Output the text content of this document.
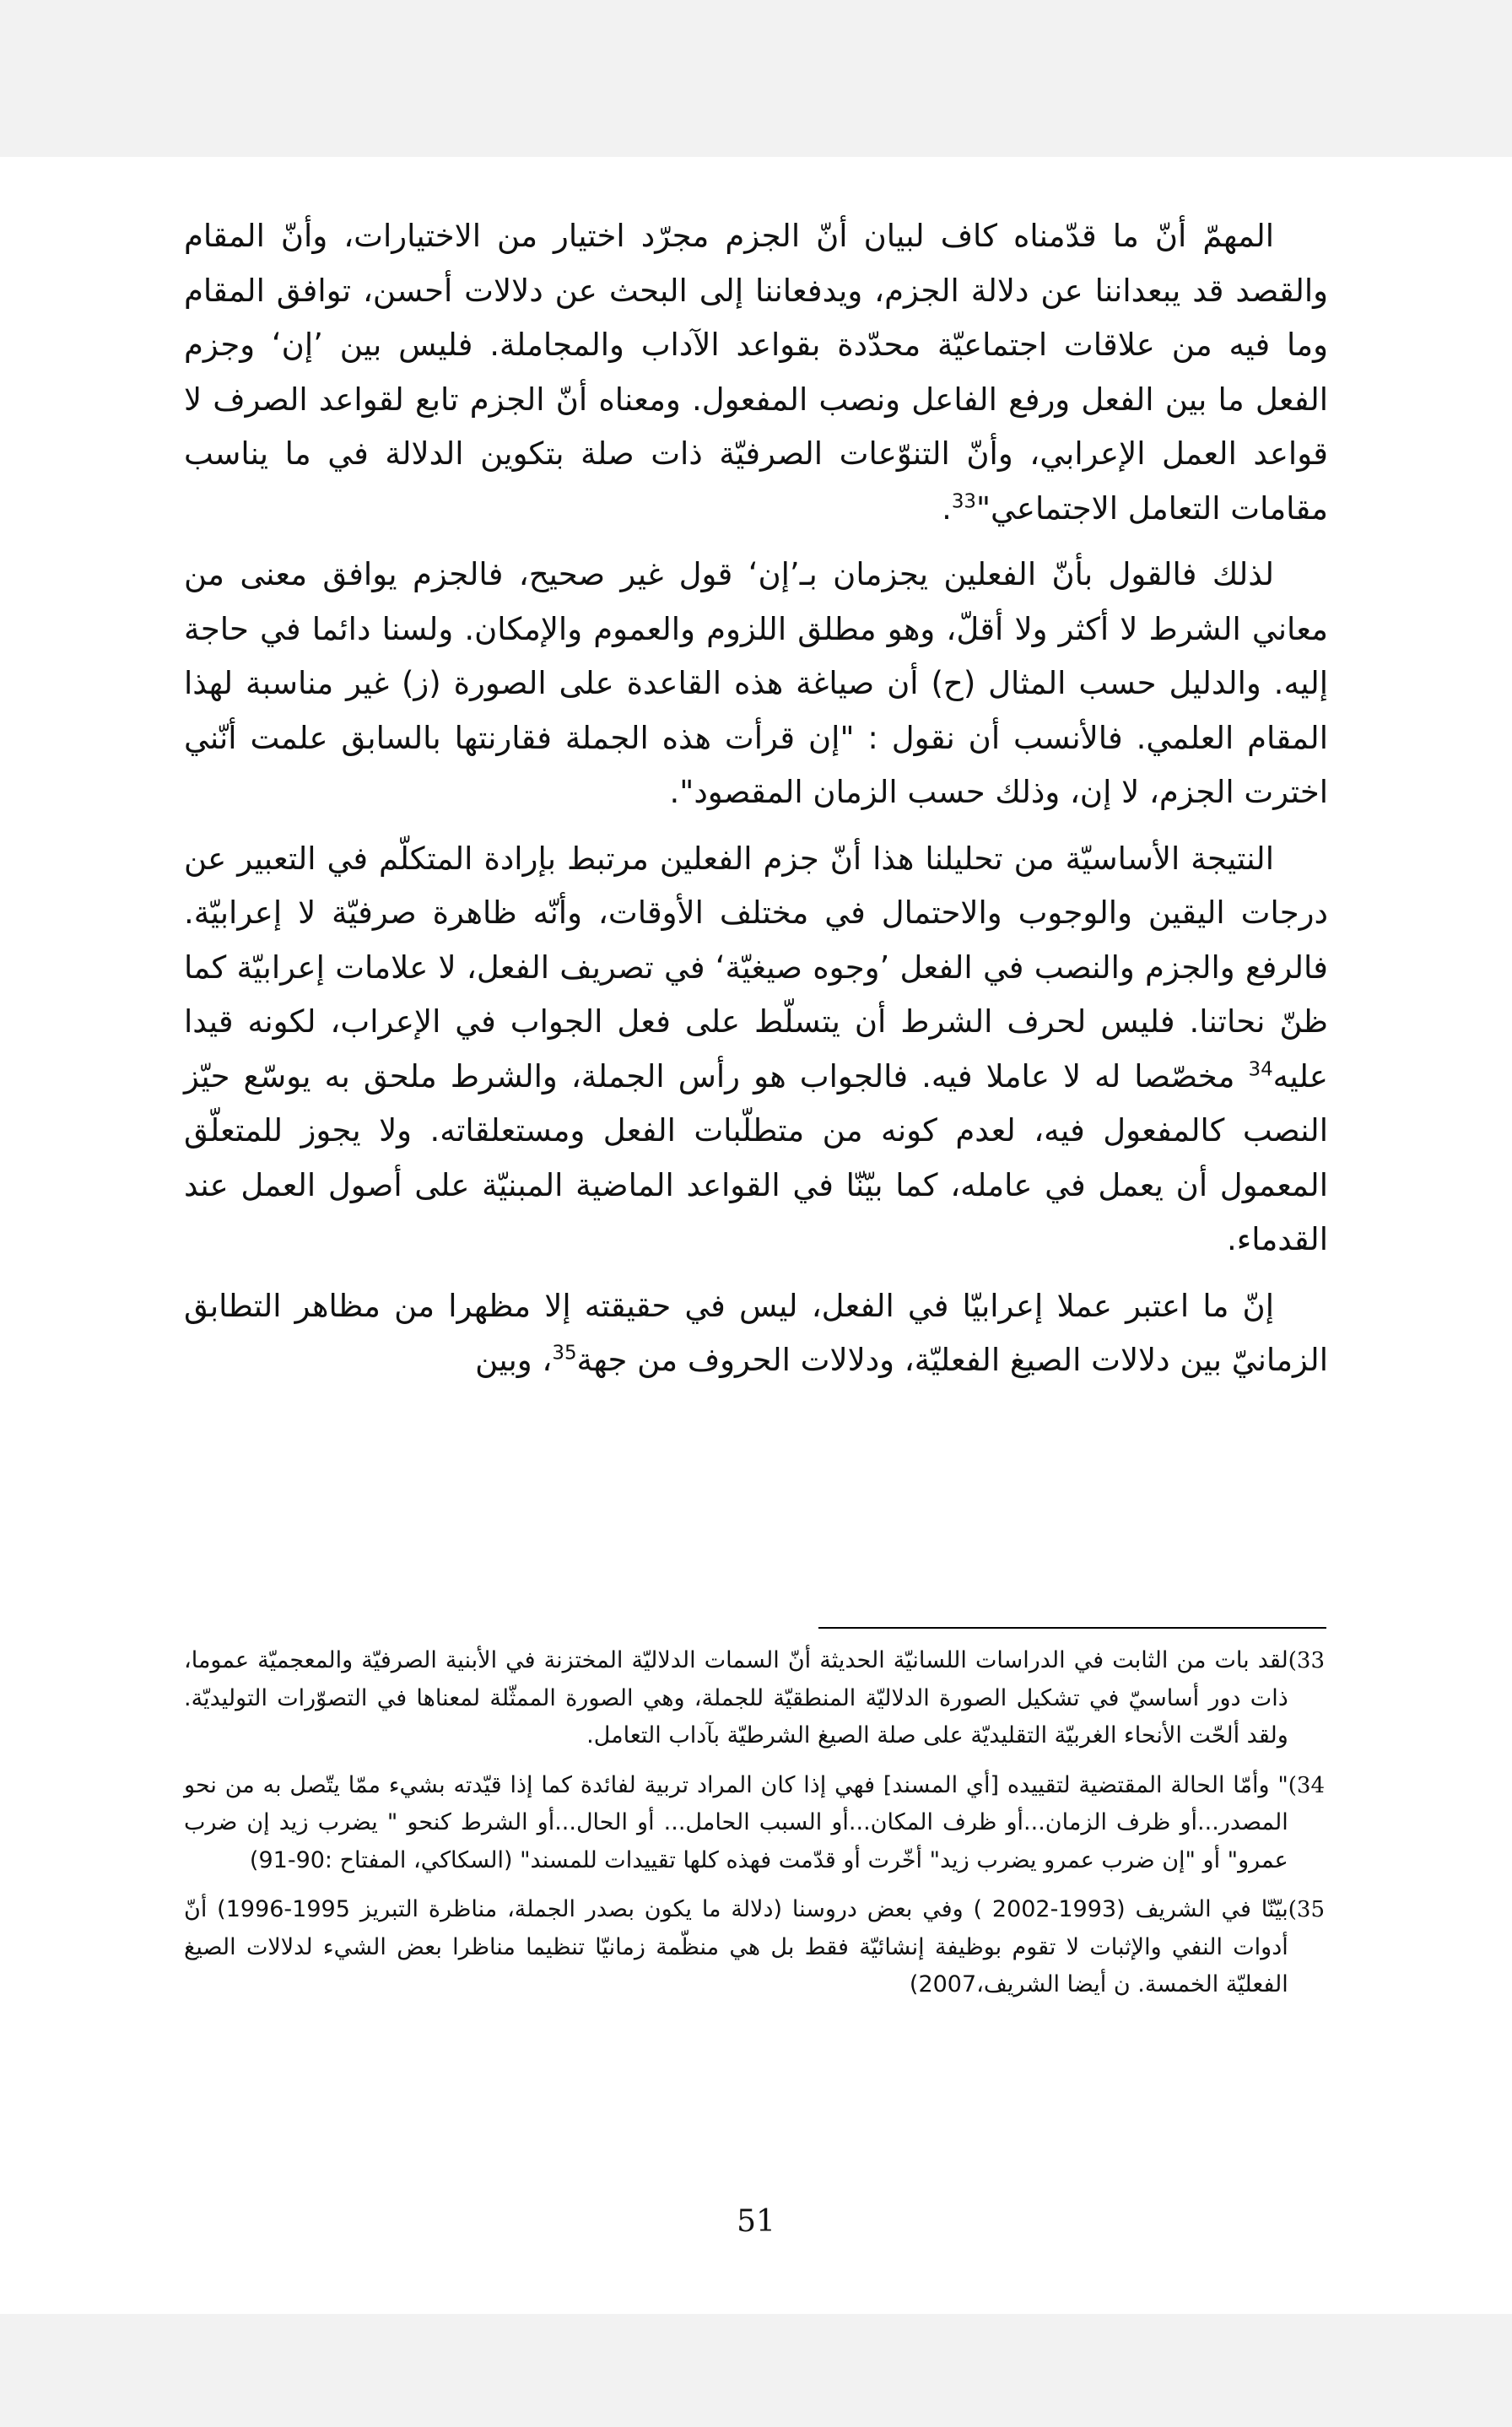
المهمّ أنّ ما قدّمناه كاف لبيان أنّ الجزم مجرّد اختيار من الاختيارات، وأنّ المقام والقصد قد يبعداننا عن دلالة الجزم، ويدفعاننا إلى البحث عن دلالات أحسن، توافق المقام وما فيه من علاقات اجتماعيّة محدّدة بقواعد الآداب والمجاملة. فليس بين ’إن‘ وجزم الفعل ما بين الفعل ورفع الفاعل ونصب المفعول. ومعناه أنّ الجزم تابع لقواعد الصرف لا قواعد العمل الإعرابي، وأنّ التنوّعات الصرفيّة ذات صلة بتكوين الدلالة في ما يناسب مقامات التعامل الاجتماعي"$^{33}$.

لذلك فالقول بأنّ الفعلين يجزمان بـ’إن‘ قول غير صحيح، فالجزم يوافق معنى من معاني الشرط لا أكثر ولا أقلّ، وهو مطلق اللزوم والعموم والإمكان. ولسنا دائما في حاجة إليه. والدليل حسب المثال (ح) أن صياغة هذه القاعدة على الصورة (ز) غير مناسبة لهذا المقام العلمي. فالأنسب أن نقول : "إن قرأت هذه الجملة فقارنتها بالسابق علمت أنّني اخترت الجزم، لا إن، وذلك حسب الزمان المقصود".

النتيجة الأساسيّة من تحليلنا هذا أنّ جزم الفعلين مرتبط بإرادة المتكلّم في التعبير عن درجات اليقين والوجوب والاحتمال في مختلف الأوقات، وأنّه ظاهرة صرفيّة لا إعرابيّة. فالرفع والجزم والنصب في الفعل ’وجوه صيغيّة‘ في تصريف الفعل، لا علامات إعرابيّة كما ظنّ نحاتنا. فليس لحرف الشرط أن يتسلّط على فعل الجواب في الإعراب، لكونه قيدا عليه$^{34}$ مخصّصا له لا عاملا فيه. فالجواب هو رأس الجملة، والشرط ملحق به يوسّع حيّز النصب كالمفعول فيه، لعدم كونه من متطلّبات الفعل ومستعلقاته. ولا يجوز للمتعلّق المعمول أن يعمل في عامله، كما بيّنّا في القواعد الماضية المبنيّة على أصول العمل عند القدماء.

إنّ ما اعتبر عملا إعرابيّا في الفعل، ليس في حقيقته إلا مظهرا من مظاهر التطابق الزمانيّ بين دلالات الصيغ الفعليّة، ودلالات الحروف من جهة$^{35}$، وبين

33)
لقد بات من الثابت في الدراسات اللسانيّة الحديثة أنّ السمات الدلاليّة المختزنة في الأبنية الصرفيّة والمعجميّة عموما، ذات دور أساسيّ في تشكيل الصورة الدلاليّة المنطقيّة للجملة، وهي الصورة الممثّلة لمعناها في التصوّرات التوليديّة. ولقد ألحّت الأنحاء الغربيّة التقليديّة على صلة الصيغ الشرطيّة بآداب التعامل.
34)
" وأمّا الحالة المقتضية لتقييده [أي المسند] فهي إذا كان المراد تربية لفائدة كما إذا قيّدته بشيء ممّا يتّصل به من نحو المصدر...أو ظرف الزمان...أو ظرف المكان...أو السبب الحامل... أو الحال...أو الشرط كنحو " يضرب زيد إن ضرب عمرو" أو "إن ضرب عمرو يضرب زيد" أخّرت أو قدّمت فهذه كلها تقييدات للمسند" (السكاكي، المفتاح :90-91)
35)
بيّنّا في الشريف (1993-2002 ) وفي بعض دروسنا (دلالة ما يكون بصدر الجملة، مناظرة التبريز 1995-1996) أنّ أدوات النفي والإثبات لا تقوم بوظيفة إنشائيّة فقط بل هي منظّمة زمانيّا تنظيما مناظرا بعض الشيء لدلالات الصيغ الفعليّة الخمسة. ن أيضا الشريف،2007)
51
